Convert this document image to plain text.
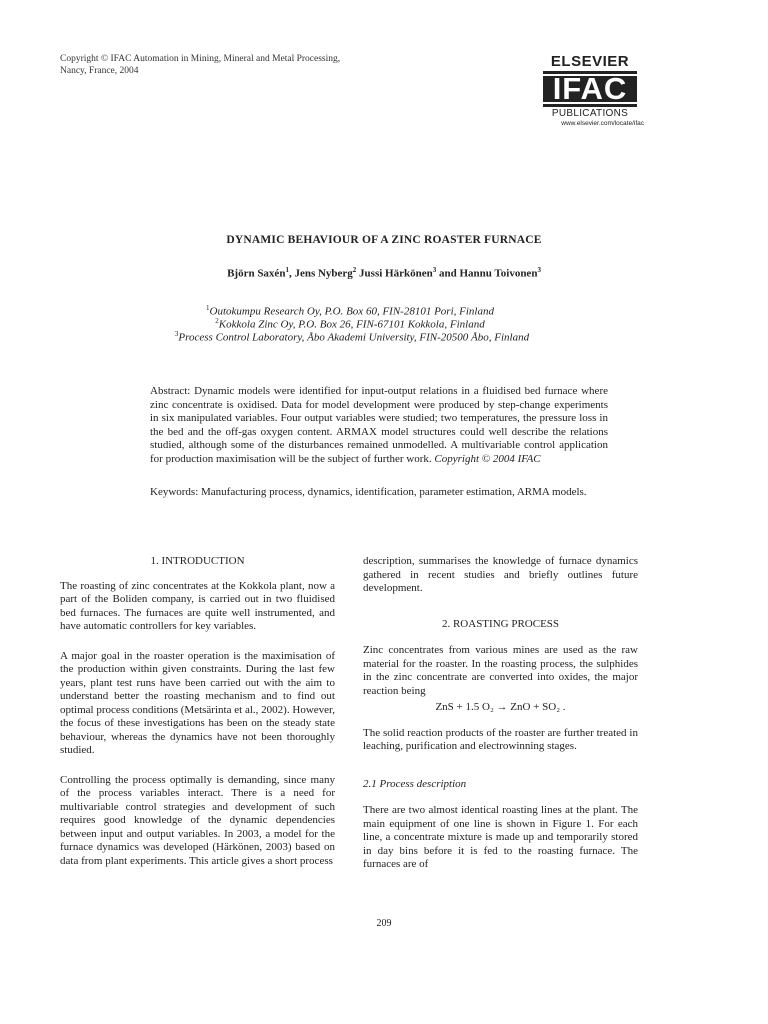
Copyright © IFAC Automation in Mining, Mineral and Metal Processing,
Nancy, France, 2004
ELSEVIER
IFAC
PUBLICATIONS
www.elsevier.com/locate/ifac
DYNAMIC BEHAVIOUR OF A ZINC ROASTER FURNACE
Björn Saxén$^1$, Jens Nyberg$^2$ Jussi Härkönen$^3$ and Hannu Toivonen$^3$
$^1$Outokumpu Research Oy, P.O. Box 60, FIN-28101 Pori, Finland
$^2$Kokkola Zinc Oy, P.O. Box 26, FIN-67101 Kokkola, Finland
$^3$Process Control Laboratory, Åbo Akademi University, FIN-20500 Åbo, Finland
Abstract: Dynamic models were identified for input-output relations in a fluidised bed furnace where zinc concentrate is oxidised. Data for model development were produced by step-change experiments in six manipulated variables. Four output variables were studied; two temperatures, the pressure loss in the bed and the off-gas oxygen content. ARMAX model structures could well describe the relations studied, although some of the disturbances remained unmodelled. A multivariable control application for production maximisation will be the subject of further work. Copyright © 2004 IFAC
Keywords: Manufacturing process, dynamics, identification, parameter estimation, ARMA models.

1. INTRODUCTION

The roasting of zinc concentrates at the Kokkola plant, now a part of the Boliden company, is carried out in two fluidised bed furnaces. The furnaces are quite well instrumented, and have automatic controllers for key variables.

A major goal in the roaster operation is the maximisation of the production within given constraints. During the last few years, plant test runs have been carried out with the aim to understand better the roasting mechanism and to find out optimal process conditions (Metsärinta et al., 2002). However, the focus of these investigations has been on the steady state behaviour, whereas the dynamics have not been thoroughly studied.

Controlling the process optimally is demanding, since many of the process variables interact. There is a need for multivariable control strategies and development of such requires good knowledge of the dynamic dependencies between input and output variables. In 2003, a model for the furnace dynamics was developed (Härkönen, 2003) based on data from plant experiments. This article gives a short process

description, summarises the knowledge of furnace dynamics gathered in recent studies and briefly outlines future development.

2. ROASTING PROCESS

Zinc concentrates from various mines are used as the raw material for the roaster. In the roasting process, the sulphides in the zinc concentrate are converted into oxides, the major reaction being

ZnS + 1.5 O₂ → ZnO + SO₂ .

The solid reaction products of the roaster are further treated in leaching, purification and electrowinning stages.

2.1 Process description

There are two almost identical roasting lines at the plant. The main equipment of one line is shown in Figure 1. For each line, a concentrate mixture is made up and temporarily stored in day bins before it is fed to the roasting furnace. The furnaces are of

209
